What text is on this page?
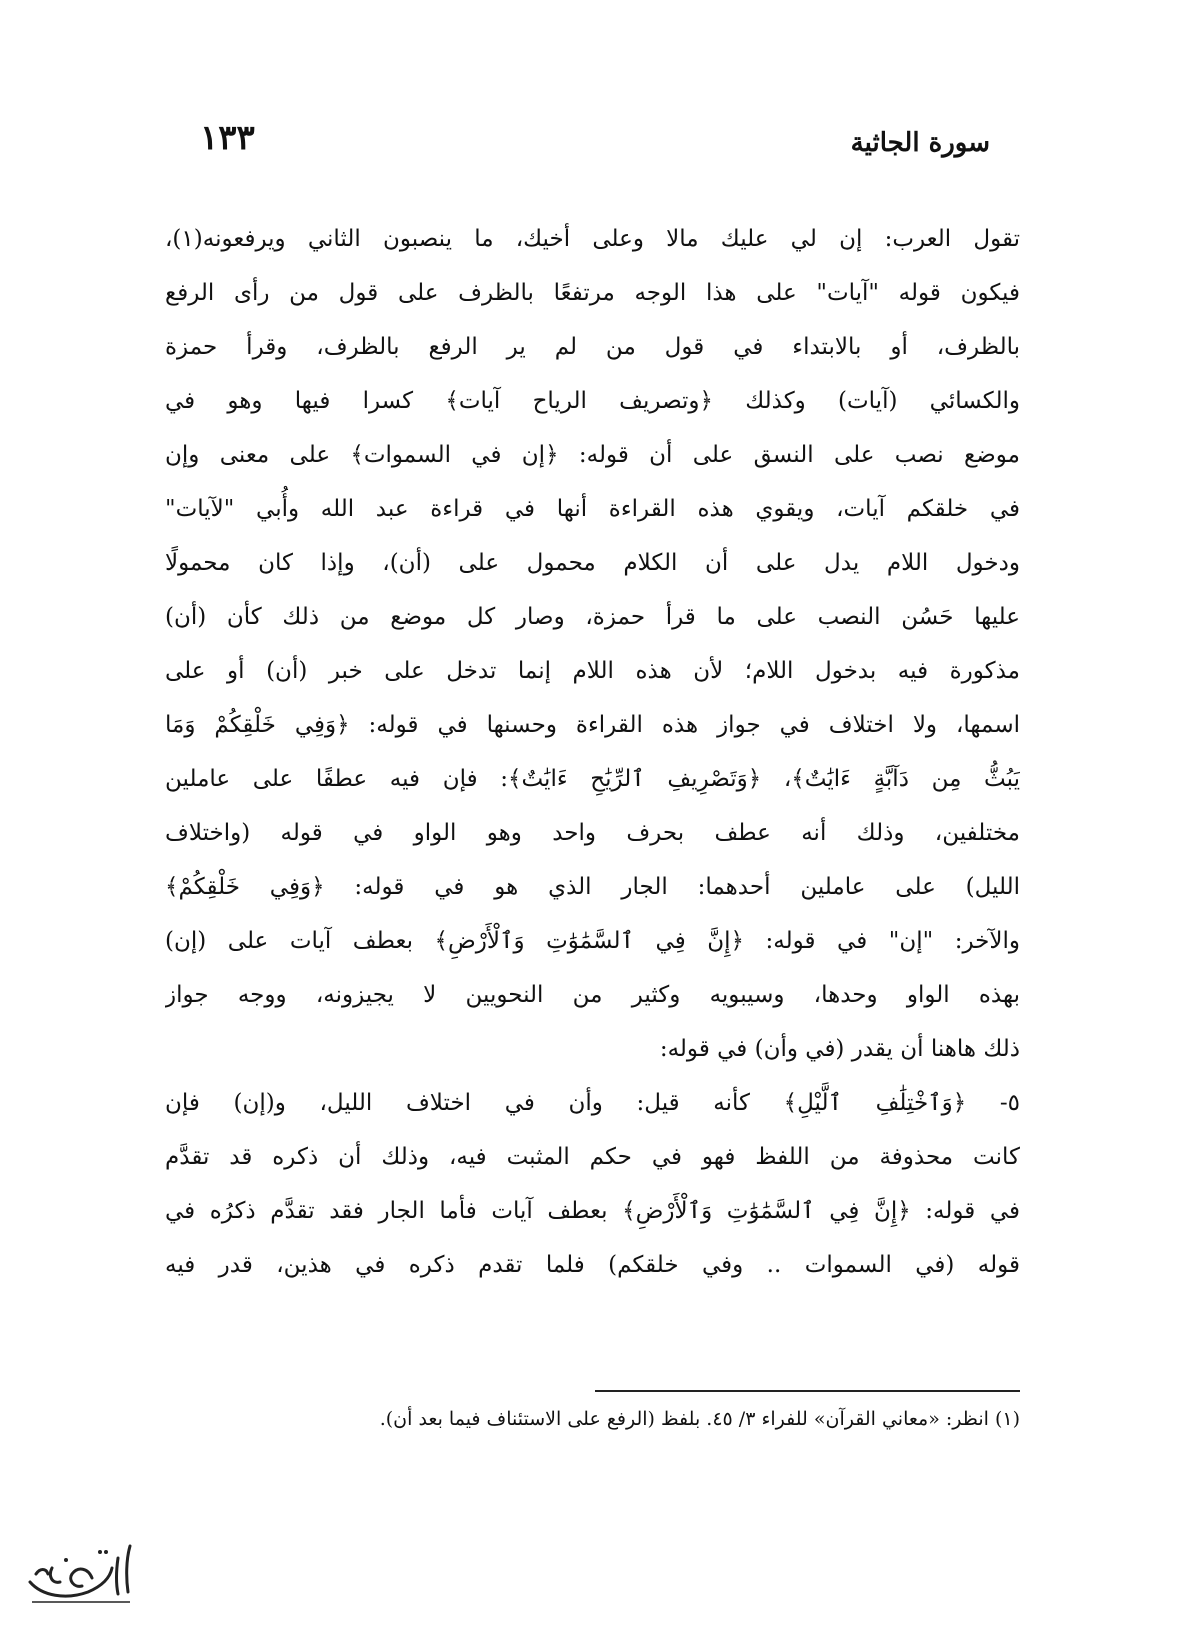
سورة الجاثية
١٣٣
تقول العرب: إن لي عليك مالا وعلى أخيك، ما ينصبون الثاني ويرفعونه(١)،
فيكون قوله "آيات" على هذا الوجه مرتفعًا بالظرف على قول من رأى الرفع
بالظرف، أو بالابتداء في قول من لم ير الرفع بالظرف، وقرأ حمزة
والكسائي (آيات) وكذلك ﴿وتصريف الرياح آيات﴾ كسرا فيها وهو في
موضع نصب على النسق على أن قوله: ﴿إن في السموات﴾ على معنى وإن
في خلقكم آيات، ويقوي هذه القراءة أنها في قراءة عبد الله وأُبي "لآيات"
ودخول اللام يدل على أن الكلام محمول على (أن)، وإذا كان محمولًا
عليها حَسُن النصب على ما قرأ حمزة، وصار كل موضع من ذلك كأن (أن)
مذكورة فيه بدخول اللام؛ لأن هذه اللام إنما تدخل على خبر (أن) أو على
اسمها، ولا اختلاف في جواز هذه القراءة وحسنها في قوله: ﴿وَفِي خَلْقِكُمْ وَمَا
يَبُثُّ مِن دَآبَّةٍ ءَايَٰتٌ﴾، ﴿وَتَصْرِيفِ ٱلرِّيَٰحِ ءَايَٰتٌ﴾: فإن فيه عطفًا على عاملين
مختلفين، وذلك أنه عطف بحرف واحد وهو الواو في قوله (واختلاف
الليل) على عاملين أحدهما: الجار الذي هو في قوله: ﴿وَفِي خَلْقِكُمْ﴾
والآخر: "إن" في قوله: ﴿إِنَّ فِي ٱلسَّمَٰوَٰتِ وَٱلْأَرْضِ﴾ بعطف آيات على (إن)
بهذه الواو وحدها، وسيبويه وكثير من النحويين لا يجيزونه، ووجه جواز
ذلك هاهنا أن يقدر (في وأن) في قوله:
٥- ﴿وَٱخْتِلَٰفِ ٱلَّيْلِ﴾ كأنه قيل: وأن في اختلاف الليل، و(إن) فإن
كانت محذوفة من اللفظ فهو في حكم المثبت فيه، وذلك أن ذكره قد تقدَّم
في قوله: ﴿إِنَّ فِي ٱلسَّمَٰوَٰتِ وَٱلْأَرْضِ﴾ بعطف آيات فأما الجار فقد تقدَّم ذكرُه في
قوله (في السموات .. وفي خلقكم) فلما تقدم ذكره في هذين، قدر فيه
(١) انظر: «معاني القرآن» للفراء ٣/ ٤٥. بلفظ (الرفع على الاستئناف فيما بعد أن).
